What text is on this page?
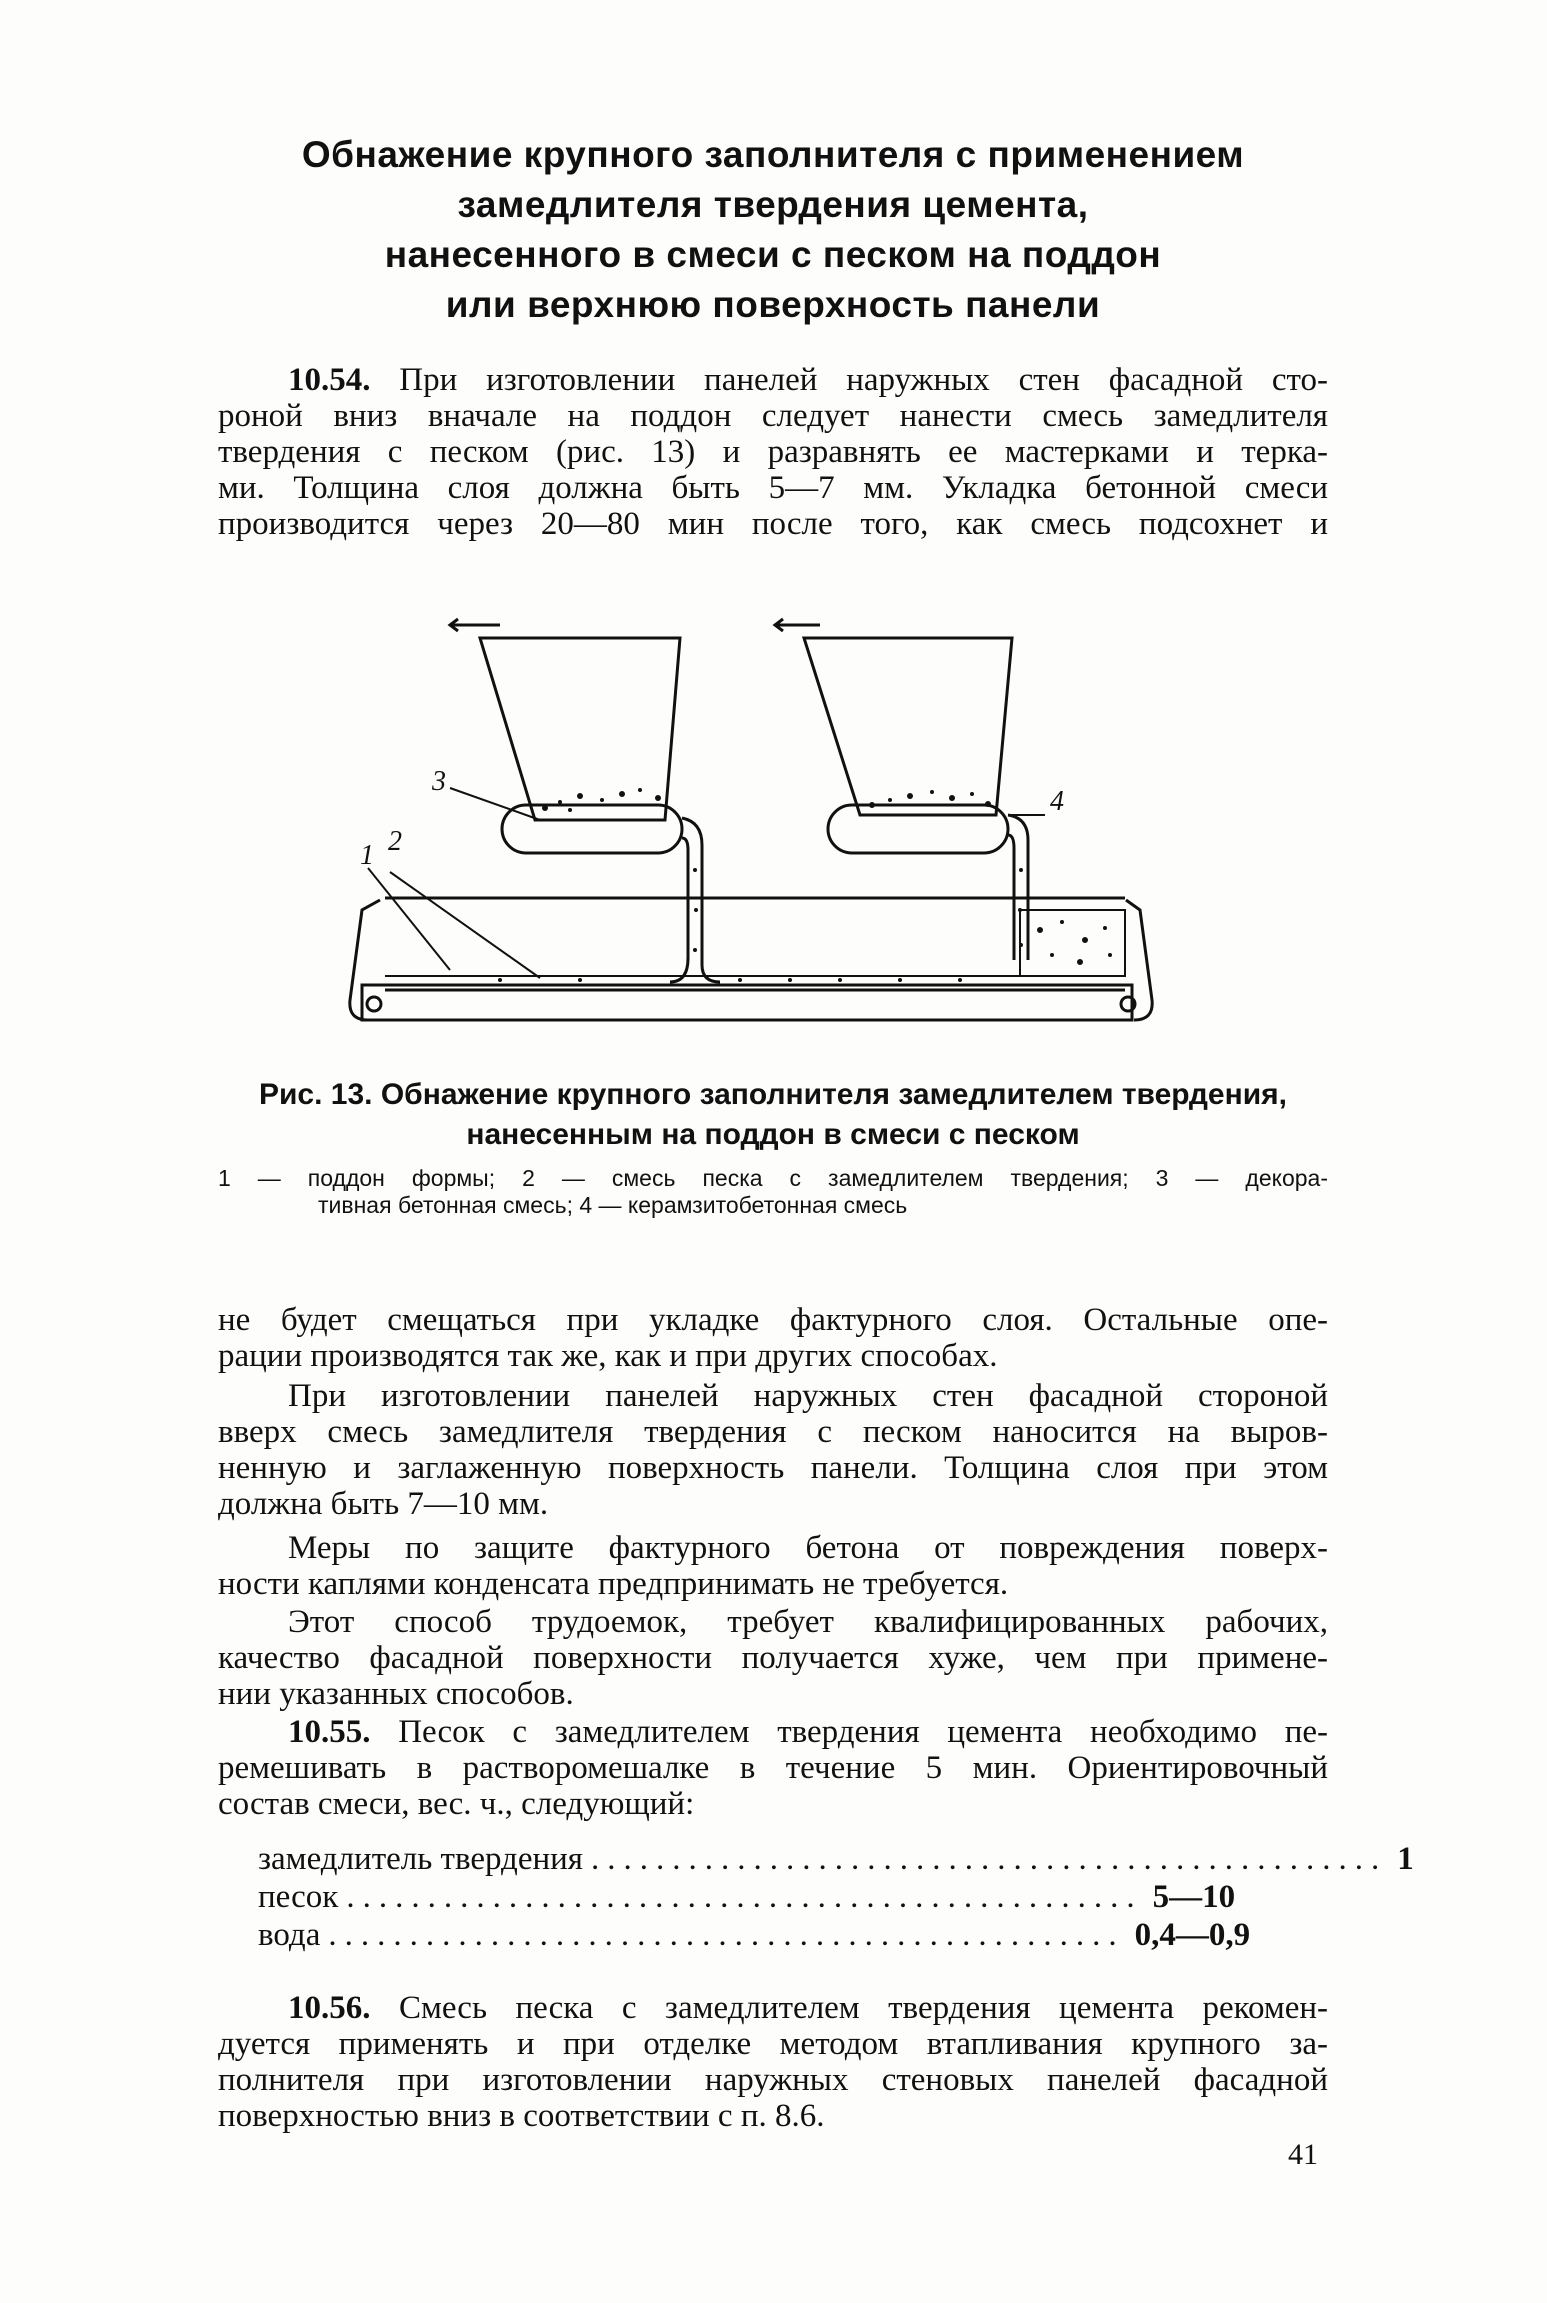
Обнажение крупного заполнителя с применением
замедлителя твердения цемента,
нанесенного в смеси с песком на поддон
или верхнюю поверхность панели
10.54. При изготовлении панелей наружных стен фасадной сто-
роной вниз вначале на поддон следует нанести смесь замедлителя
твердения с песком (рис. 13) и разравнять ее мастерками и терка-
ми. Толщина слоя должна быть 5—7 мм. Укладка бетонной смеси
производится через 20—80 мин после того, как смесь подсохнет и
1 2
3
4
Рис. 13. Обнажение крупного заполнителя замедлителем твердения,
нанесенным на поддон в смеси с песком
1 — поддон формы; 2 — смесь песка с замедлителем твердения; 3 — декора-
тивная бетонная смесь; 4 — керамзитобетонная смесь
не будет смещаться при укладке фактурного слоя. Остальные опе-
рации производятся так же, как и при других способах.
При изготовлении панелей наружных стен фасадной стороной
вверх смесь замедлителя твердения с песком наносится на выров-
ненную и заглаженную поверхность панели. Толщина слоя при этом
должна быть 7—10 мм.
Меры по защите фактурного бетона от повреждения поверх-
ности каплями конденсата предпринимать не требуется.
Этот способ трудоемок, требует квалифицированных рабочих,
качество фасадной поверхности получается хуже, чем при применe-
нии указанных способов.
10.55. Песок с замедлителем твердения цемента необходимо пе-
ремешивать в растворомешалке в течение 5 мин. Ориентировочный
состав смеси, вес. ч., следующий:
замедлитель твердения ................................................. 1
песок ................................................. 5—10
вода ................................................. 0,4—0,9
10.56. Смесь песка с замедлителем твердения цемента рекомен-
дуется применять и при отделке методом втапливания крупного за-
полнителя при изготовлении наружных стеновых панелей фасадной
поверхностью вниз в соответствии с п. 8.6.
41
